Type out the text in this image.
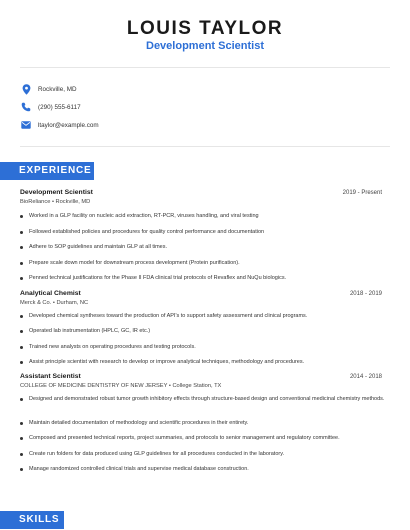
LOUIS TAYLOR
Development Scientist
Rockville, MD
(290) 555-6117
ltaylor@example.com
EXPERIENCE
Development Scientist	2019 - Present
BioReliance • Rockville, MD
Worked in a GLP facility on nucleic acid extraction, RT-PCR, viruses handling, and viral testing
Followed established policies and procedures for quality control performance and documentation
Adhere to SOP guidelines and maintain GLP at all times.
Prepare scale down model for downstream process development (Protein purification).
Penned technical justifications for the Phase II FDA clinical trial protocols of Revaflex and NuQu biologics.
Analytical Chemist	2018 - 2019
Merck & Co. • Durham, NC
Developed chemical syntheses toward the production of API's to support safety assessment and clinical programs.
Operated lab instrumentation (HPLC, GC, IR etc.)
Trained new analysts on operating procedures and testing protocols.
Assist principle scientist with research to develop or improve analytical techniques, methodology and procedures.
Assistant Scientist	2014 - 2018
COLLEGE OF MEDICINE DENTISTRY OF NEW JERSEY • College Station, TX
Designed and demonstrated robust tumor growth inhibitory effects through structure-based design and conventional medicinal chemistry methods.
Maintain detailed documentation of methodology and scientific procedures in their entirety.
Composed and presented technical reports, project summaries, and protocols to senior management and regulatory committee.
Create run folders for data produced using GLP guidelines for all procedures conducted in the laboratory.
Manage randomized controlled clinical trials and supervise medical database construction.
SKILLS
